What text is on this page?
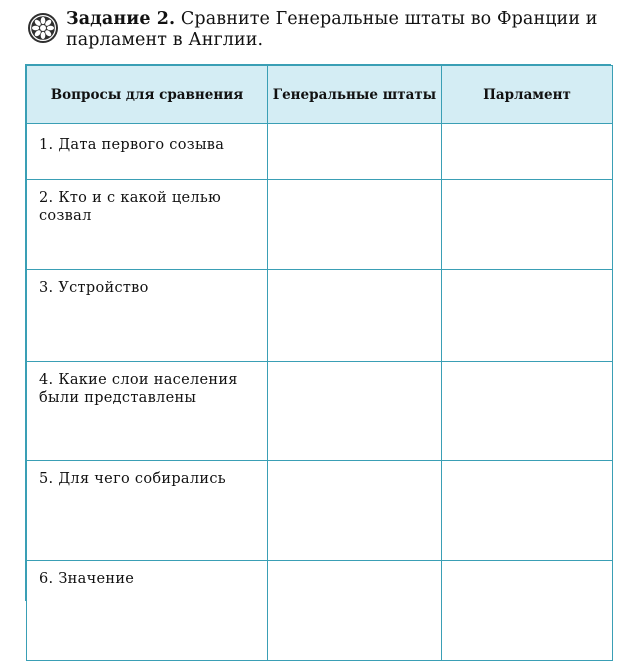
Задание 2. Сравните Генеральные штаты во Франции и парламент в Англии.
Вопросы для сравнения	Генеральные штаты	Парламент
1. Дата первого созыва		
2. Кто и с какой целью созвал		
3. Устройство		
4. Какие слои населения были представлены		
5. Для чего собирались		
6. Значение		
